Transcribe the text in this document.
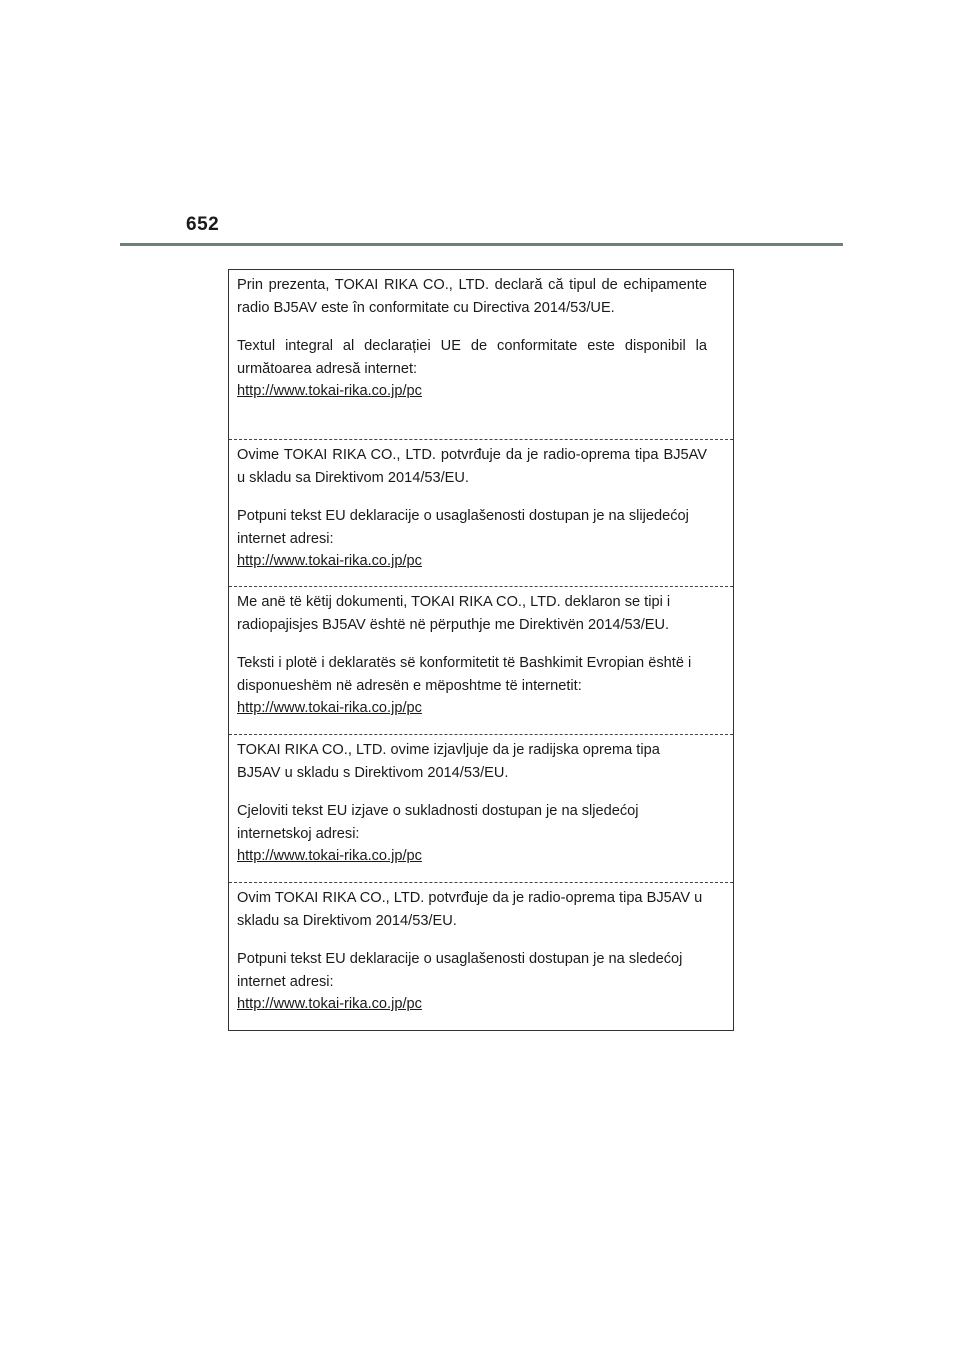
652

Prin prezenta, TOKAI RIKA CO., LTD. declară că tipul de echipamente radio BJ5AV este în conformitate cu Directiva 2014/53/UE.

Textul integral al declarației UE de conformitate este disponibil la următoarea adresă internet:

http://www.tokai-rika.co.jp/pc

Ovime TOKAI RIKA CO., LTD. potvrđuje da je radio-oprema tipa BJ5AV u skladu sa Direktivom 2014/53/EU.

Potpuni tekst EU deklaracije o usaglašenosti dostupan je na slijedećoj internet adresi:

http://www.tokai-rika.co.jp/pc

Me anë të këtij dokumenti, TOKAI RIKA CO., LTD. deklaron se tipi i radiopajisjes BJ5AV është në përputhje me Direktivën 2014/53/EU.

Teksti i plotë i deklaratës së konformitetit të Bashkimit Evropian është i disponueshëm në adresën e mëposhtme të internetit:

http://www.tokai-rika.co.jp/pc

TOKAI RIKA CO., LTD. ovime izjavljuje da je radijska oprema tipa BJ5AV u skladu s Direktivom 2014/53/EU.

Cjeloviti tekst EU izjave o sukladnosti dostupan je na sljedećoj internetskoj adresi:

http://www.tokai-rika.co.jp/pc

Ovim TOKAI RIKA CO., LTD. potvrđuje da je radio-oprema tipa BJ5AV u skladu sa Direktivom 2014/53/EU.

Potpuni tekst EU deklaracije o usaglašenosti dostupan je na sledećoj internet adresi:

http://www.tokai-rika.co.jp/pc
